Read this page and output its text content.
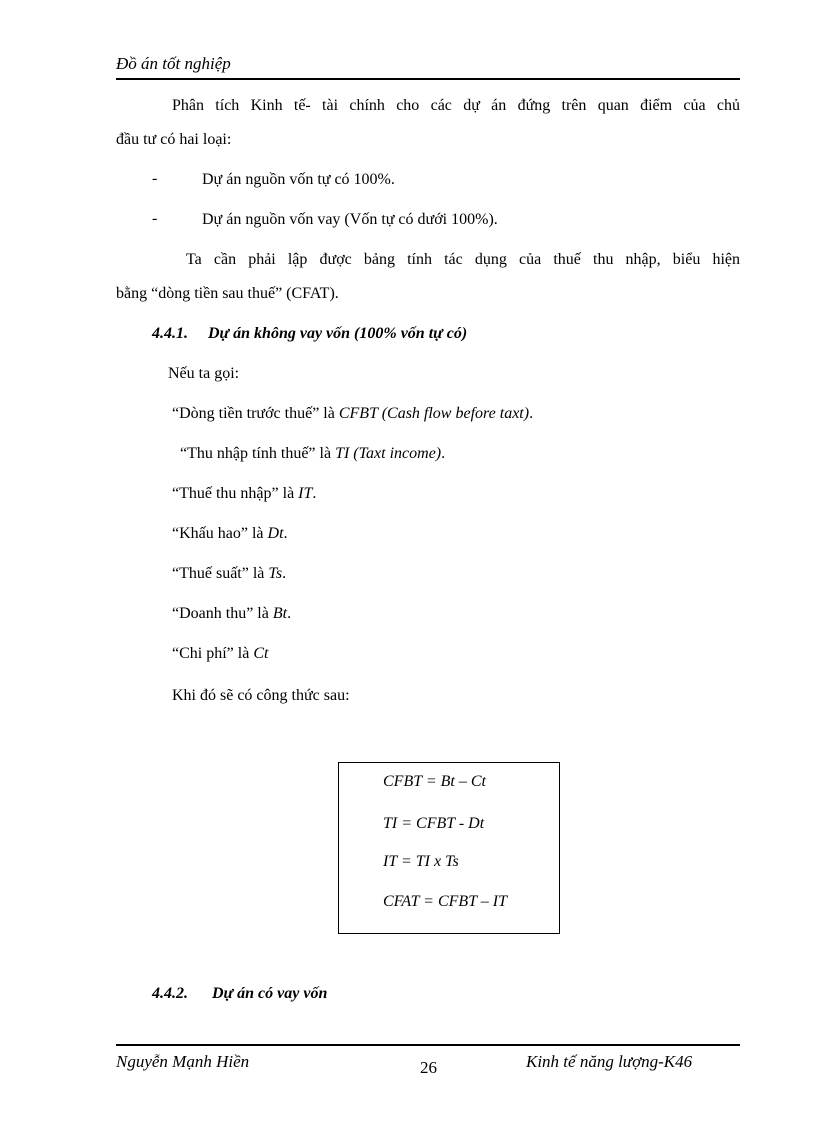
Đồ án tốt nghiệp
Phân tích Kinh tế- tài chính cho các dự án đứng trên quan điểm của chủ
đầu tư có hai loại:
-	Dự án nguồn vốn tự có 100%.
-	Dự án nguồn vốn vay (Vốn tự có dưới 100%).
Ta cần phải lập được bảng tính tác dụng của thuế thu nhập, biểu hiện
bằng “dòng tiền sau thuế” (CFAT).
4.4.1. Dự án không vay vốn (100% vốn tự có)
Nếu ta gọi:
“Dòng tiền trước thuế” là CFBT (Cash flow before taxt).
“Thu nhập tính thuế” là TI (Taxt income).
“Thuế thu nhập” là IT.
“Khấu hao” là Dt.
“Thuế suất” là Ts.
“Doanh thu” là Bt.
“Chi phí” là Ct
Khi đó sẽ có công thức sau:
CFBT = Bt – Ct
TI = CFBT - Dt
IT = TI x Ts
CFAT = CFBT – IT
4.4.2. Dự án có vay vốn
Nguyễn Mạnh Hiền	26	Kinh tế năng lượng-K46
